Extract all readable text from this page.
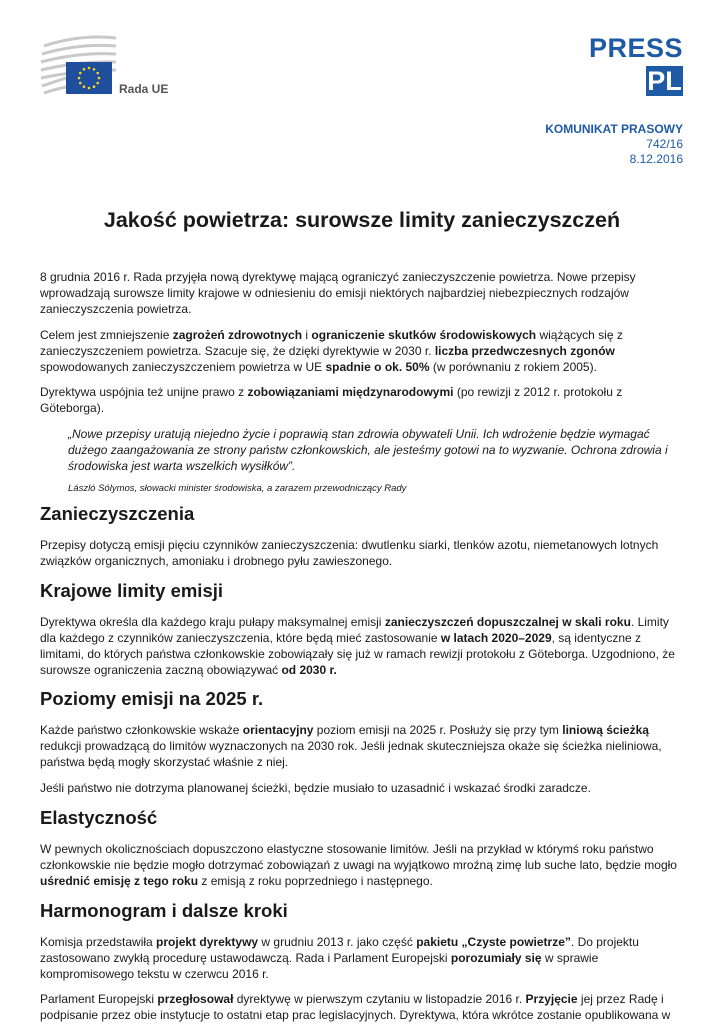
Rada UE
PRESS
PL
KOMUNIKAT PRASOWY
742/16
8.12.2016
Jakość powietrza: surowsze limity zanieczyszczeń

8 grudnia 2016 r. Rada przyjęła nową dyrektywę mającą ograniczyć zanieczyszczenie powietrza. Nowe przepisy wprowadzają surowsze limity krajowe w odniesieniu do emisji niektórych najbardziej niebezpiecznych rodzajów zanieczyszczenia powietrza.

Celem jest zmniejszenie zagrożeń zdrowotnych i ograniczenie skutków środowiskowych wiążących się z zanieczyszczeniem powietrza. Szacuje się, że dzięki dyrektywie w 2030 r. liczba przedwczesnych zgonów spowodowanych zanieczyszczeniem powietrza w UE spadnie o ok. 50% (w porównaniu z rokiem 2005).

Dyrektywa uspójnia też unijne prawo z zobowiązaniami międzynarodowymi (po rewizji z 2012 r. protokołu z Göteborga).

„Nowe przepisy uratują niejedno życie i poprawią stan zdrowia obywateli Unii. Ich wdrożenie będzie wymagać dużego zaangażowania ze strony państw członkowskich, ale jesteśmy gotowi na to wyzwanie. Ochrona zdrowia i środowiska jest warta wszelkich wysiłków”.

László Sólymos, słowacki minister środowiska, a zarazem przewodniczący Rady

Zanieczyszczenia

Przepisy dotyczą emisji pięciu czynników zanieczyszczenia: dwutlenku siarki, tlenków azotu, niemetanowych lotnych związków organicznych, amoniaku i drobnego pyłu zawieszonego.

Krajowe limity emisji

Dyrektywa określa dla każdego kraju pułapy maksymalnej emisji zanieczyszczeń dopuszczalnej w skali roku. Limity dla każdego z czynników zanieczyszczenia, które będą mieć zastosowanie w latach 2020–2029, są identyczne z limitami, do których państwa członkowskie zobowiązały się już w ramach rewizji protokołu z Göteborga. Uzgodniono, że surowsze ograniczenia zaczną obowiązywać od 2030 r.

Poziomy emisji na 2025 r.

Każde państwo członkowskie wskaże orientacyjny poziom emisji na 2025 r. Posłuży się przy tym liniową ścieżką redukcji prowadzącą do limitów wyznaczonych na 2030 rok. Jeśli jednak skuteczniejsza okaże się ścieżka nieliniowa, państwa będą mogły skorzystać właśnie z niej.

Jeśli państwo nie dotrzyma planowanej ścieżki, będzie musiało to uzasadnić i wskazać środki zaradcze.

Elastyczność

W pewnych okolicznościach dopuszczono elastyczne stosowanie limitów. Jeśli na przykład w którymś roku państwo członkowskie nie będzie mogło dotrzymać zobowiązań z uwagi na wyjątkowo mroźną zimę lub suche lato, będzie mogło uśrednić emisję z tego roku z emisją z roku poprzedniego i następnego.

Harmonogram i dalsze kroki

Komisja przedstawiła projekt dyrektywy w grudniu 2013 r. jako część pakietu „Czyste powietrze”. Do projektu zastosowano zwykłą procedurę ustawodawczą. Rada i Parlament Europejski porozumiały się w sprawie kompromisowego tekstu w czerwcu 2016 r.

Parlament Europejski przegłosował dyrektywę w pierwszym czytaniu w listopadzie 2016 r. Przyjęcie jej przez Radę i podpisanie przez obie instytucje to ostatni etap prac legislacyjnych. Dyrektywa, która wkrótce zostanie opublikowana w
